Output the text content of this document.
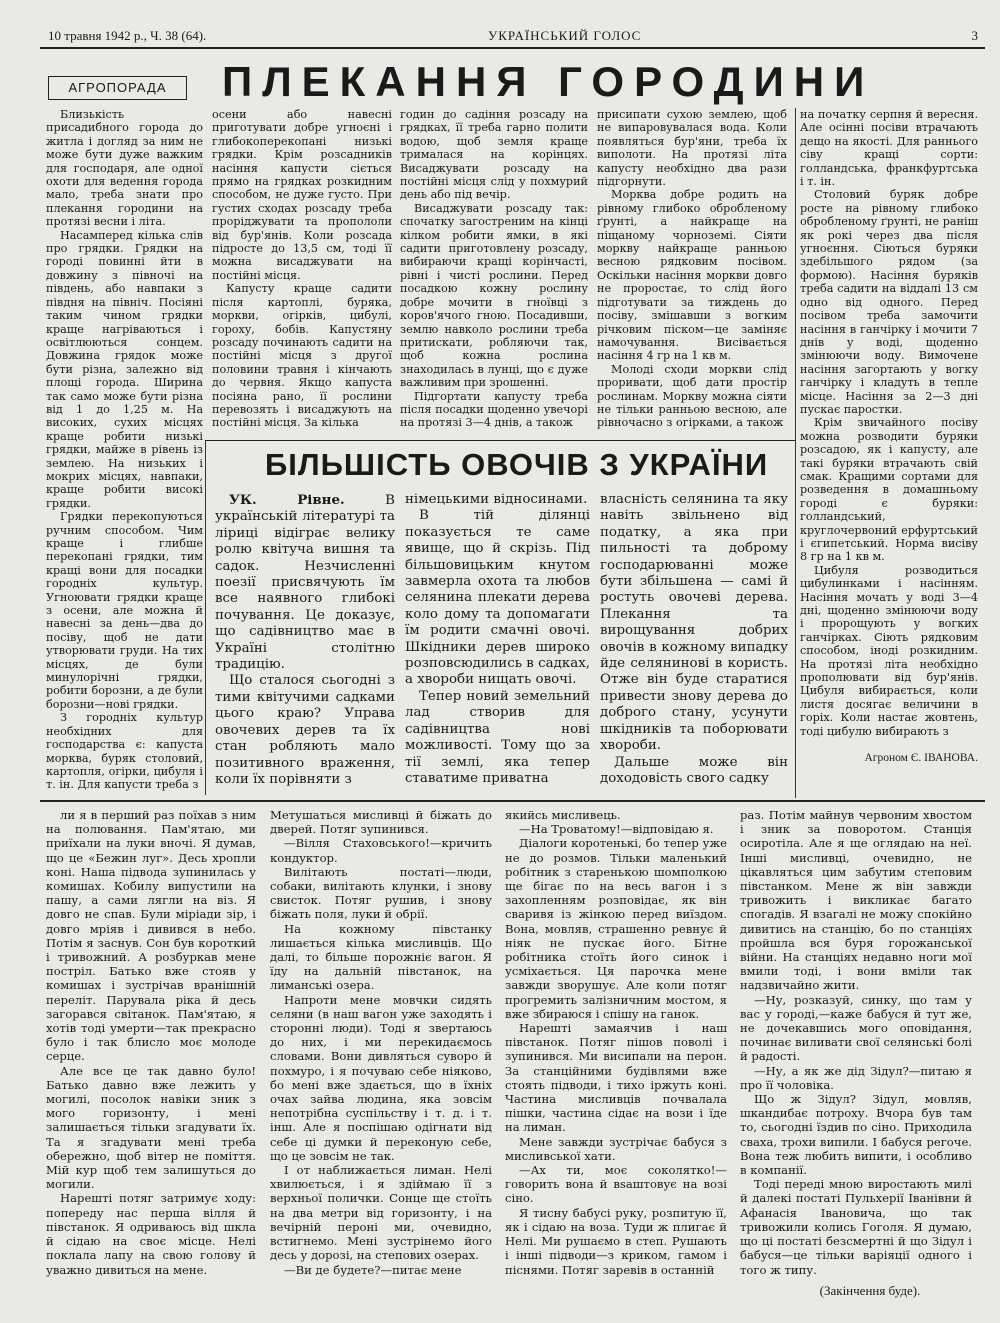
10 травня 1942 р., Ч. 38 (64).	УКРАЇНСЬКИЙ ГОЛОС	3
АГРОПОРАДА	ПЛЕКАННЯ ГОРОДИНИ

Близькість присадибного города до житла і догляд за ним не може бути дуже важким для господаря, але одної охоти для ведення города мало, треба знати про плекання городини на протязі весни і літа.

Насамперед кілька слів про грядки. Грядки на городі повинні йти в довжину з півночі на південь, або навпаки з півдня на північ. Посіяні таким чином грядки краще нагріваються і освітлюються сонцем. Довжина грядок може бути різна, залежно від площі города. Ширина так само може бути різна від 1 до 1,25 м. На високих, сухих місцях краще робити низькі грядки, майже в рівень із землею. На низьких і мокрих місцях, навпаки, краще робити високі грядки.

Грядки перекопуються ручним способом. Чим краще і глибше перекопані грядки, тим кращі вони для посадки городніх культур. Угноювати грядки краще з осени, але можна й навесні за день—два до посіву, щоб не дати утворювати груди. На тих місцях, де були минулорічні грядки, робити борозни, а де були борозни—нові грядки.

З городніх культур необхідних для господарства є: капуста морква, буряк столовий, картопля, огірки, цибуля і т. ін. Для капусти треба з

осени або навесні приготувати добре угноєні і глибокоперекопані низькі грядки. Крім розсадників насіння капусти сіється прямо на грядках розкидним способом, не дуже густо. При густих сходах розсаду треба проріджувати та пропололи від бур'янів. Коли розсада підросте до 13,5 см, тоді її можна висаджувати на постійні місця.

Капусту краще садити після картоплі, буряка, моркви, огірків, цибулі, гороху, бобів. Капустяну розсаду починають садити на постійні місця з другої половини травня і кінчають до червня. Якщо капуста посіяна рано, її рослини перевозять і висаджують на постійні місця. За кілька

годин до садіння розсаду на грядках, її треба гарно полити водою, щоб земля краще трималася на корінцях. Висаджувати розсаду на постійні місця слід у похмурий день або під вечір.

Висаджувати розсаду так: спочатку загостреним на кінці кілком робити ямки, в які садити приготовлену розсаду, вибираючи кращі корінчасті, рівні і чисті рослини. Перед посадкою кожну рослину добре мочити в гноївці з коров'ячого гною. Посадивши, землю навколо рослини треба притискати, робляючи так, щоб кожна рослина знаходилась в лунці, що є дуже важливим при зрошенні.

Підгортати капусту треба після посадки щоденно увечорі на протязі 3—4 днів, а також

присипати сухою землею, щоб не випаровувалася вода. Коли появляться бур'яни, треба їх виполоти. На протязі літа капусту необхідно два рази підгорнути.

Морква добре родить на рівному глибоко обробленому ґрунті, а найкраще на піщаному чорноземі. Сіяти моркву найкраще ранньою весною рядковим посівом. Оскільки насіння моркви довго не проростає, то слід його підготувати за тиждень до посіву, змішавши з вогким річковим піском—це заміняє намочування. Висівається насіння 4 гр на 1 кв м.

Молоді сходи моркви слід проривати, щоб дати простір рослинам. Моркву можна сіяти не тільки ранньою весною, але рівночасно з огірками, а також

на початку серпня й вересня. Але осінні посіви втрачають дещо на якості. Для раннього сіву кращі сорти: голландська, франкфуртська і т. ін.

Столовий буряк добре росте на рівному глибоко обробленому ґрунті, не раніш як рокі через два після угноєння. Сіються буряки здебільшого рядом (за формою). Насіння буряків треба садити на віддалі 13 см одно від одного. Перед посівом треба замочити насіння в ганчірку і мочити 7 днів у воді, щоденно змінюючи воду. Вимочене насіння загортають у вогку ганчірку і кладуть в тепле місце. Насіння за 2—3 дні пускає паростки.

Крім звичайного посіву можна розводити буряки розсадою, як і капусту, але такі буряки втрачають свій смак. Кращими сортами для розведення в домашньому городі є буряки: голландський, круглочервоний ерфуртський і єгипетський. Норма висіву 8 гр на 1 кв м.

Цибуля розводиться цибулинками і насінням. Насіння мочать у воді 3—4 дні, щоденно змінюючи воду і пророщують у вогких ганчірках. Сіють рядковим способом, іноді розкидним. На протязі літа необхідно прополювати від бур'янів. Цибуля вибирається, коли листя досягає величини в горіх. Коли настає жовтень, тоді цибулю вибирають з

БІЛЬШІСТЬ ОВОЧІВ З УКРАЇНИ

УК. Рівне. В українській літературі та ліриці відіграє велику ролю квітуча вишня та садок. Незчисленні поезії присвячують їм все наявного глибокі почування. Це доказує, що садівництво має в Україні столітню традицію.

Що сталося сьогодні з тими квітучими садками цього краю? Управа овочевих дерев та їх стан робляють мало позитивного враження, коли їх порівняти з

німецькими відносинами.

В тій ділянці показується те саме явище, що й скрізь. Під більшовицьким кнутом завмерла охота та любов селянина плекати дерева коло дому та допомагати їм родити смачні овочі. Шкідники дерев широко розповсюдились в садках, а хвороби нищать овочі.

Тепер новий земельний лад створив для садівництва нові можливості. Тому що за тії землі, яка тепер ставатиме приватна

власність селянина та яку навіть звільнено від податку, а яка при пильності та доброму господарюванні може бути збільшена — самі й ростуть овочеві дерева. Плекання та вирощування добрих овочів в кожному випадку йде селянинові в користь. Отже він буде старатися привести знову дерева до доброго стану, усунути шкідників та поборювати хвороби.

Дальше може він доходовість свого садку

Агроном Є. ІВАНОВА.

ли я в перший раз поїхав з ним на полювання. Пам'ятаю, ми приїхали на луки вночі. Я думав, що це «Бежин луг». Десь хропли коні. Наша підвода зупинилась у комишах. Кобилу випустили на пашу, а сами лягли на віз. Я довго не спав. Були міріади зір, і довго мріяв і дивився в небо. Потім я заснув. Сон був короткий і тривожний. А розбуркав мене постріл. Батько вже стояв у комишах і зустрічав вранішній переліт. Парувала ріка й десь загорався світанок. Пам'ятаю, я хотів тоді умерти—так прекрасно було і так блисло моє молоде серце.

Але все це так давно було! Батько давно вже лежить у могилі, посолок навіки зник з мого горизонту, і мені залишається тільки згадувати їх. Та я згадувати мені треба обережно, щоб вітер не поміття. Мій кур щоб тем залишуться до могили.

Нарешті потяг затримує ходу: попереду нас перша вілля й півстанок. Я одриваюсь від шкла й сідаю на своє місце. Нелі поклала лапу на свою голову й уважно дивиться на мене.

Метушаться мисливці й біжать до дверей. Потяг зупинився.

—Вілля Стаховського!—кричить кондуктор.

Вилітають постаті—люди, собаки, вилітають клунки, і знову свисток. Потяг рушив, і знову біжать поля, луки й обрії.

На кожному півстанку лишається кілька мисливців. Що далі, то більше порожніє вагон. Я їду на дальній півстанок, на лиманські озера.

Напроти мене мовчки сидять селяни (в наш вагон уже заходять і сторонні люди). Тоді я звертаюсь до них, і ми перекидаємось словами. Вони дивляться суворо й похмуро, і я почуваю себе ніяково, бо мені вже здається, що в їхніх очах зайва людина, яка зовсім непотрібна суспільству і т. д. і т. інш. Але я поспішаю одігнати від себе ці думки й переконую себе, що це зовсім не так.

І от наближається лиман. Нелі хвилюється, і я здіймаю її з верхньої полички. Сонце ще стоїть на два метри від горизонту, і на вечірній пероні ми, очевидно, встигнемо. Мені зустрінемо його десь у дорозі, на степових озерах.

—Ви де будете?—питає мене

якийсь мисливець.

—На Троватому!—відповідаю я.

Діалоги коротенькі, бо тепер уже не до розмов. Тільки маленький робітник з старенькою шомполкою ще бігає по на весь вагон і з захопленням розповідає, як він сваривя із жінкою перед виїздом. Вона, мовляв, страшенно ревнує й ніяк не пускає його. Бітне робітника стоїть його синок і усміхається. Ця парочка мене завжди зворушує. Але коли потяг прогремить залізничним мостом, я вже збираюся і спішу на ганок.

Нарешті замаячив і наш півстанок. Потяг пішов поволі і зупинився. Ми висипали на перон. За станційними будівлями вже стоять підводи, і тихо іржуть коні. Частина мисливців почвалала пішки, частина сідає на вози і їде на лиман.

Мене завжди зустрічає бабуся з мисливської хати.

—Ах ти, моє соколятко!—говорить вона й вsаштовує на возі сіно.

Я тисну бабусі руку, розпитую її, як і сідаю на воза. Туди ж плигає й Нелі. Ми рушаємо в степ. Рушають і інші підводи—з криком, гамом і піснями. Потяг заревів в останній

раз. Потім майнув червоним хвостом і зник за поворотом. Станція осиротіла. Але я ще оглядаю на неї. Інші мисливці, очевидно, не цікавляться цим забутим степовим півстанком. Мене ж він завжди тривожить і викликає багато спогадів. Я взагалі не можу спокійно дивитись на станцію, бо по станціях пройшла вся буря горожанської війни. На станціях недавно ноги мої вмили тоді, і вони вміли так надзвичайно жити.

—Ну, розказуй, синку, що там у вас у городі,—каже бабуся й тут же, не дочекавшись мого оповідання, починає виливати свої селянські болі й радості.

—Ну, а як же дід Зідул?—питаю я про її чоловіка.

Що ж Зідул? Зідул, мовляв, шкандибає потроху. Вчора був там то, сьогодні їздив по сіно. Приходила сваха, трохи випили. І бабуся регоче. Вона теж любить випити, і особливо в компанії.

Тоді переді мною виростають милі й далекі постаті Пульхерії Іванівни й Афанасія Івановича, що так тривожили колись Гоголя. Я думаю, що ці постаті безсмертні й що Зідул і бабуся—це тільки варіяції одного і того ж типу.

(Закінчення буде).
